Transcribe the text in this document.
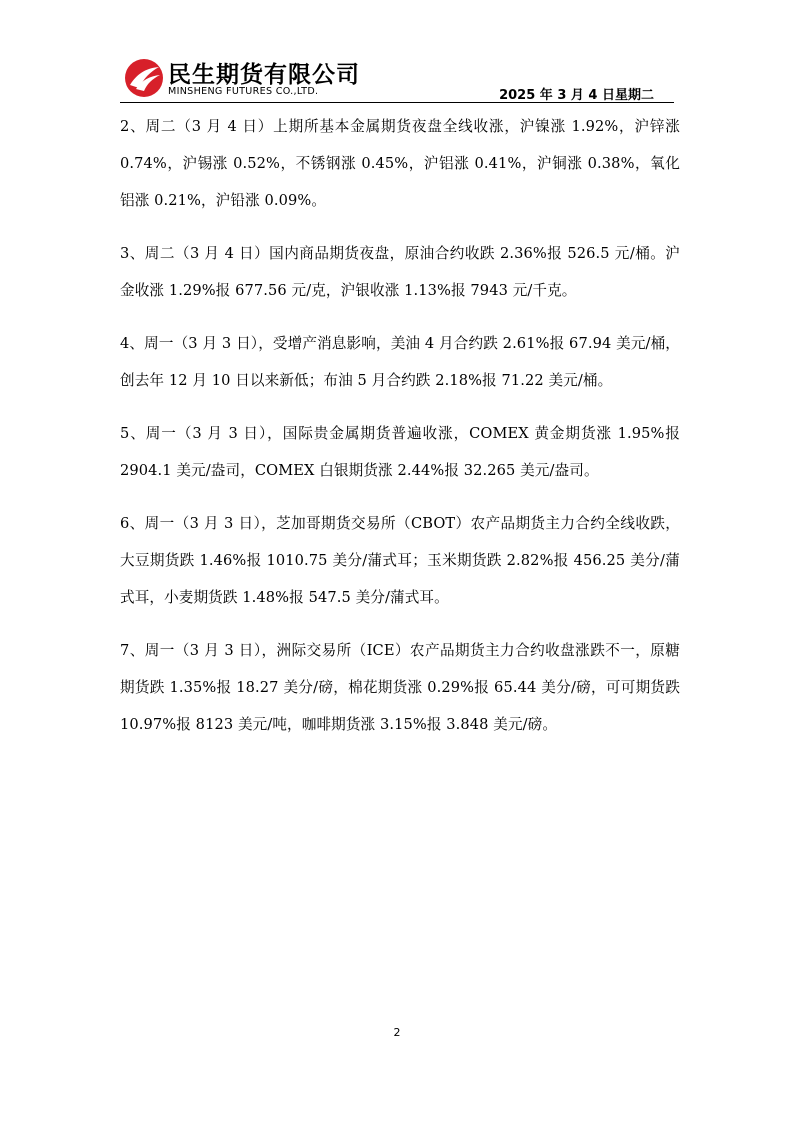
民生期货有限公司
MINSHENG FUTURES CO.,LTD.	2025 年 3 月 4 日星期二

2、周二（3 月 4 日）上期所基本金属期货夜盘全线收涨，沪镍涨 1.92%，沪锌涨 0.74%，沪锡涨 0.52%，不锈钢涨 0.45%，沪铝涨 0.41%，沪铜涨 0.38%，氧化铝涨 0.21%，沪铅涨 0.09%。

3、周二（3 月 4 日）国内商品期货夜盘，原油合约收跌 2.36%报 526.5 元/桶。沪金收涨 1.29%报 677.56 元/克，沪银收涨 1.13%报 7943 元/千克。

4、周一（3 月 3 日），受增产消息影响，美油 4 月合约跌 2.61%报 67.94 美元/桶，创去年 12 月 10 日以来新低；布油 5 月合约跌 2.18%报 71.22 美元/桶。

5、周一（3 月 3 日），国际贵金属期货普遍收涨，COMEX 黄金期货涨 1.95%报 2904.1 美元/盎司，COMEX 白银期货涨 2.44%报 32.265 美元/盎司。

6、周一（3 月 3 日），芝加哥期货交易所（CBOT）农产品期货主力合约全线收跌，大豆期货跌 1.46%报 1010.75 美分/蒲式耳；玉米期货跌 2.82%报 456.25 美分/蒲式耳，小麦期货跌 1.48%报 547.5 美分/蒲式耳。

7、周一（3 月 3 日），洲际交易所（ICE）农产品期货主力合约收盘涨跌不一，原糖期货跌 1.35%报 18.27 美分/磅，棉花期货涨 0.29%报 65.44 美分/磅，可可期货跌 10.97%报 8123 美元/吨，咖啡期货涨 3.15%报 3.848 美元/磅。

2
